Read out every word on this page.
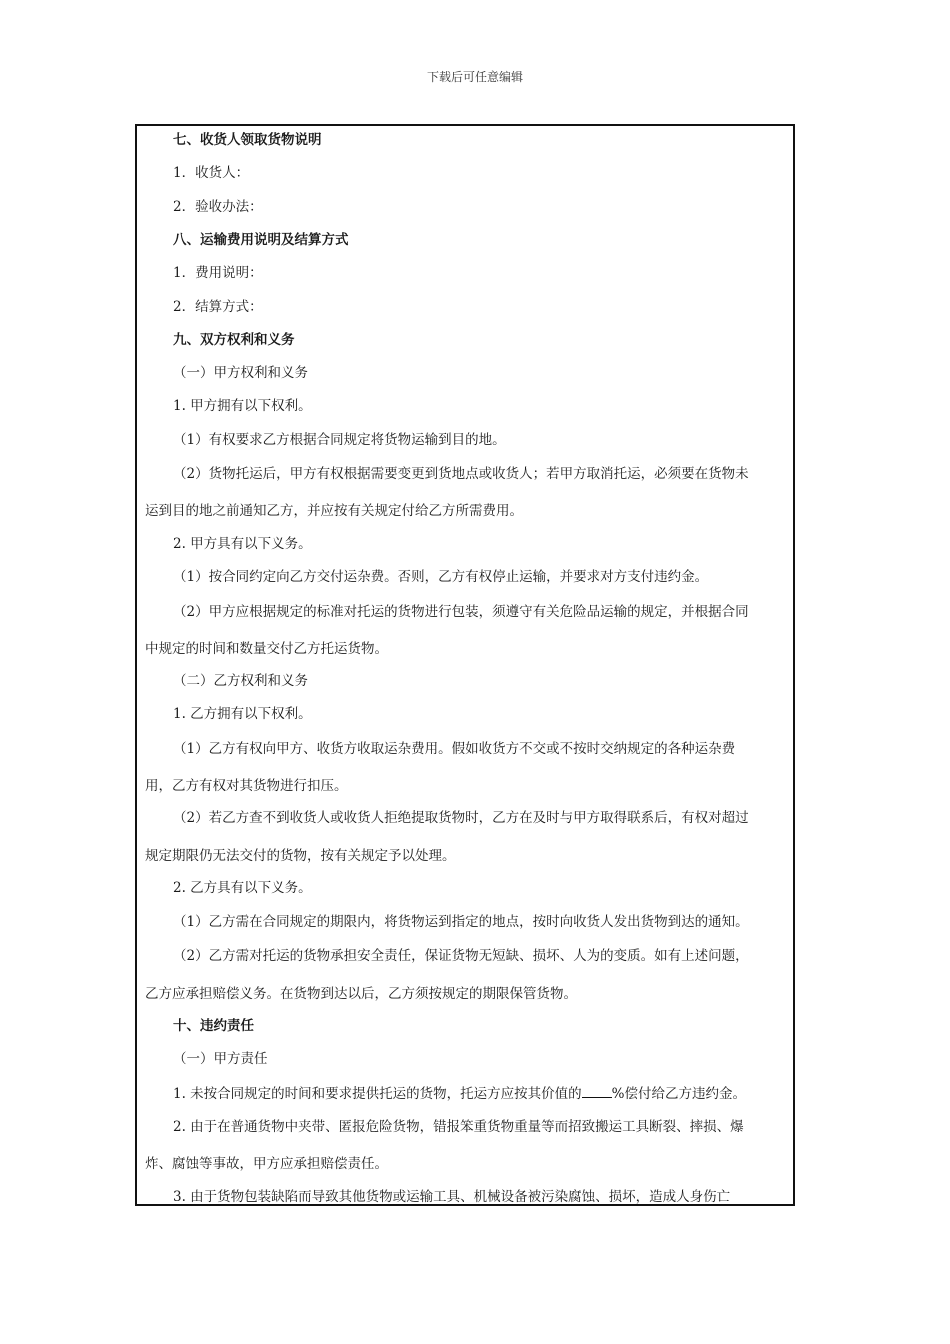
下载后可任意编辑
七、收货人领取货物说明
1．收货人：
2．验收办法：
八、运输费用说明及结算方式
1．费用说明：
2．结算方式：
九、双方权利和义务
（一）甲方权利和义务
1. 甲方拥有以下权利。
（1）有权要求乙方根据合同规定将货物运输到目的地。
（2）货物托运后，甲方有权根据需要变更到货地点或收货人；若甲方取消托运，必须要在货物未
运到目的地之前通知乙方，并应按有关规定付给乙方所需费用。
2. 甲方具有以下义务。
（1）按合同约定向乙方交付运杂费。否则，乙方有权停止运输，并要求对方支付违约金。
（2）甲方应根据规定的标准对托运的货物进行包装，须遵守有关危险品运输的规定，并根据合同
中规定的时间和数量交付乙方托运货物。
（二）乙方权利和义务
1. 乙方拥有以下权利。
（1）乙方有权向甲方、收货方收取运杂费用。假如收货方不交或不按时交纳规定的各种运杂费
用，乙方有权对其货物进行扣压。
（2）若乙方查不到收货人或收货人拒绝提取货物时，乙方在及时与甲方取得联系后，有权对超过
规定期限仍无法交付的货物，按有关规定予以处理。
2. 乙方具有以下义务。
（1）乙方需在合同规定的期限内，将货物运到指定的地点，按时向收货人发出货物到达的通知。
（2）乙方需对托运的货物承担安全责任，保证货物无短缺、损坏、人为的变质。如有上述问题，
乙方应承担赔偿义务。在货物到达以后，乙方须按规定的期限保管货物。
十、违约责任
（一）甲方责任
1. 未按合同规定的时间和要求提供托运的货物，托运方应按其价值的 %偿付给乙方违约金。
2. 由于在普通货物中夹带、匿报危险货物，错报笨重货物重量等而招致搬运工具断裂、摔损、爆
炸、腐蚀等事故，甲方应承担赔偿责任。
3. 由于货物包装缺陷而导致其他货物或运输工具、机械设备被污染腐蚀、损坏，造成人身伤亡
